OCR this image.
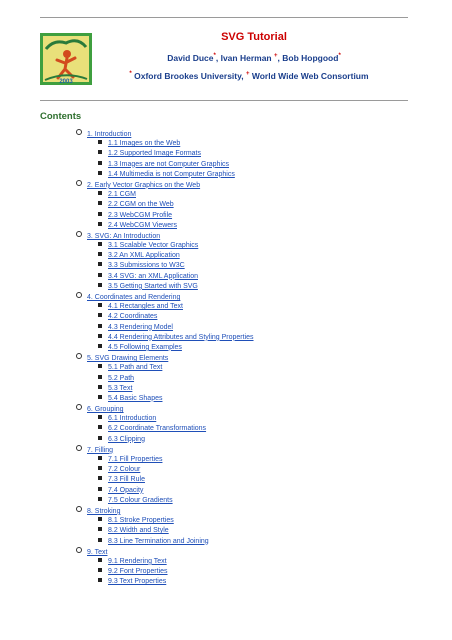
2003
SVG Tutorial
David Duce*, Ivan Herman +, Bob Hopgood*
* Oxford Brookes University, + World Wide Web Consortium
Contents
1. Introduction
1.1 Images on the Web
1.2 Supported Image Formats
1.3 Images are not Computer Graphics
1.4 Multimedia is not Computer Graphics
2. Early Vector Graphics on the Web
2.1 CGM
2.2 CGM on the Web
2.3 WebCGM Profile
2.4 WebCGM Viewers
3. SVG: An Introduction
3.1 Scalable Vector Graphics
3.2 An XML Application
3.3 Submissions to W3C
3.4 SVG: an XML Application
3.5 Getting Started with SVG
4. Coordinates and Rendering
4.1 Rectangles and Text
4.2 Coordinates
4.3 Rendering Model
4.4 Rendering Attributes and Styling Properties
4.5 Following Examples
5. SVG Drawing Elements
5.1 Path and Text
5.2 Path
5.3 Text
5.4 Basic Shapes
6. Grouping
6.1 Introduction
6.2 Coordinate Transformations
6.3 Clipping
7. Filling
7.1 Fill Properties
7.2 Colour
7.3 Fill Rule
7.4 Opacity
7.5 Colour Gradients
8. Stroking
8.1 Stroke Properties
8.2 Width and Style
8.3 Line Termination and Joining
9. Text
9.1 Rendering Text
9.2 Font Properties
9.3 Text Properties
